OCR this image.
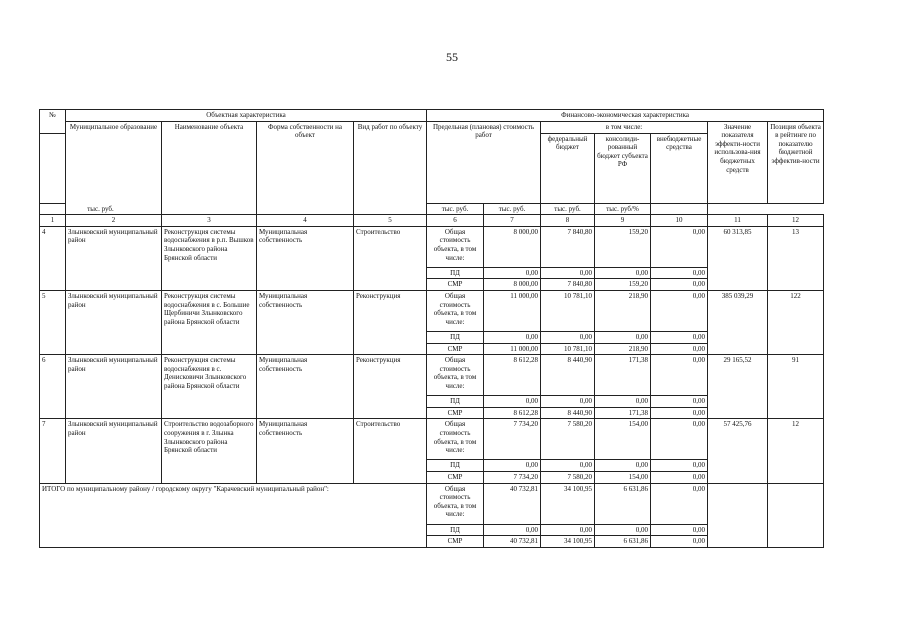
55
№	Объектная характеристика				Финансово-экономическая характеристика						
	Муниципальное образование	Наименование объекта	Форма собственности на объект	Вид работ по объекту	Предельная (плановая) стоимость работ		в том числе:			Значение показателя эффекти-ности использова-ния бюджетных средств	Позиция объекта в рейтинге по показателю бюджетной эффектив-ности
							федеральный бюджет	консолиди-рованный бюджет субъекта РФ	внебюджетные средства		
тыс. руб.					тыс. руб.	тыс. руб.	тыс. руб.	тыс. руб/%			
1	2	3	4	5	6	7	8	9	10	11	12
4	Злынковский муниципальный район	Реконструкция системы водоснабжения в р.п. Вышков Злынковского района Брянской области	Муниципальная собственность	Строительство	Общая стоимость объекта, в том числе:	8 000,00	7 840,80	159,20	0,00	60 313,85	13
					ПД	0,00	0,00	0,00	0,00		
					СМР	8 000,00	7 840,80	159,20	0,00		
5	Злынковский муниципальный район	Реконструкция системы водоснабжения в с. Большие Щербиничи Злынковского района Брянской области	Муниципальная собственность	Реконструкция	Общая стоимость объекта, в том числе:	11 000,00	10 781,10	218,90	0,00	385 039,29	122
					ПД	0,00	0,00	0,00	0,00		
					СМР	11 000,00	10 781,10	218,90	0,00		
6	Злынковский муниципальный район	Реконструкция системы водоснабжения в с. Денисковичи Злынковского района Брянской области	Муниципальная собственность	Реконструкция	Общая стоимость объекта, в том числе:	8 612,28	8 440,90	171,38	0,00	29 165,52	91
					ПД	0,00	0,00	0,00	0,00		
					СМР	8 612,28	8 440,90	171,38	0,00		
7	Злынковский муниципальный район	Строительство водозаборного сооружения в г. Злынка Злынковского района Брянской области	Муниципальная собственность	Строительство	Общая стоимость объекта, в том числе:	7 734,20	7 580,20	154,00	0,00	57 425,76	12
					ПД	0,00	0,00	0,00	0,00		
					СМР	7 734,20	7 580,20	154,00	0,00		
ИТОГО по муниципальному району / городскому округу "Карачевский муниципальный район":					Общая стоимость объекта, в том числе:	40 732,81	34 100,95	6 631,86	0,00		
					ПД	0,00	0,00	0,00	0,00		
					СМР	40 732,81	34 100,95	6 631,86	0,00		
